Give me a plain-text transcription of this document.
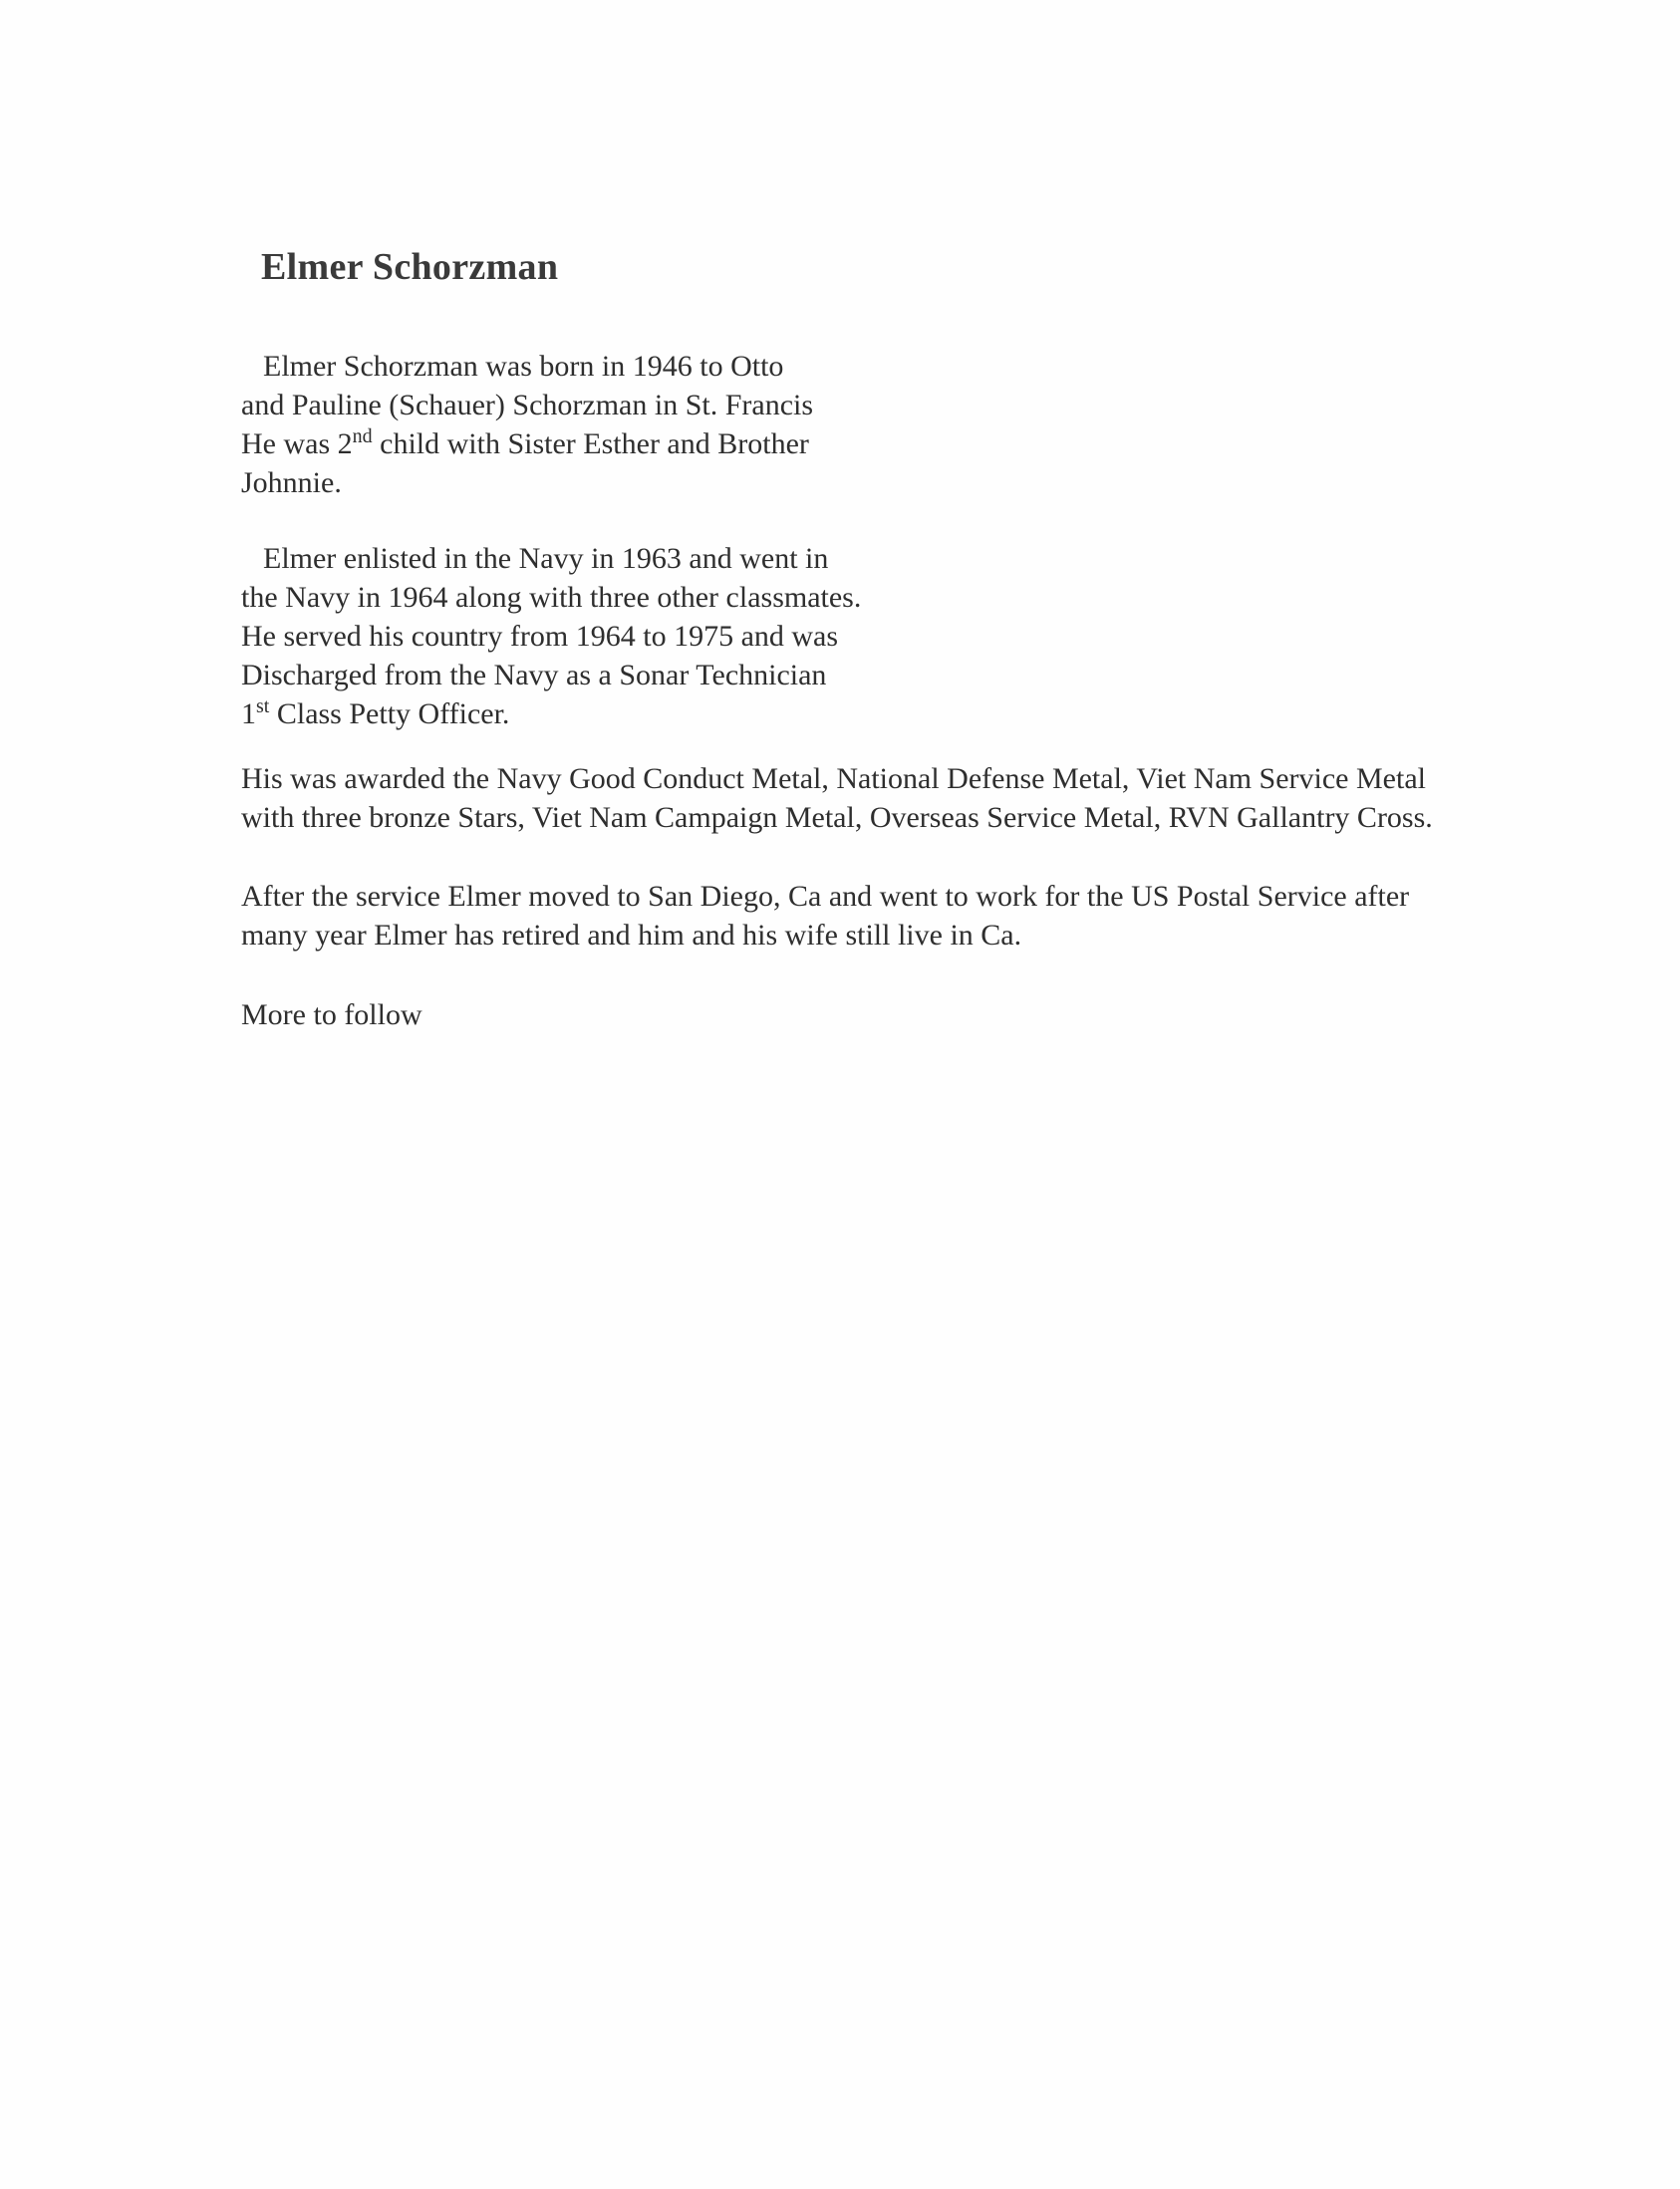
Elmer Schorzman

Elmer Schorzman was born in 1946 to Otto
and Pauline (Schauer) Schorzman in St. Francis
He was 2nd child with Sister Esther and Brother
Johnnie.

Elmer enlisted in the Navy in 1963 and went in
the Navy in 1964 along with three other classmates.
He served his country from 1964 to 1975 and was
Discharged from the Navy as a Sonar Technician
1st Class Petty Officer.

His was awarded the Navy Good Conduct Metal, National Defense Metal, Viet Nam Service Metal
with three bronze Stars, Viet Nam Campaign Metal, Overseas Service Metal, RVN Gallantry Cross.

After the service Elmer moved to San Diego, Ca and went to work for the US Postal Service after
many year Elmer has retired and him and his wife still live in Ca.

More to follow
